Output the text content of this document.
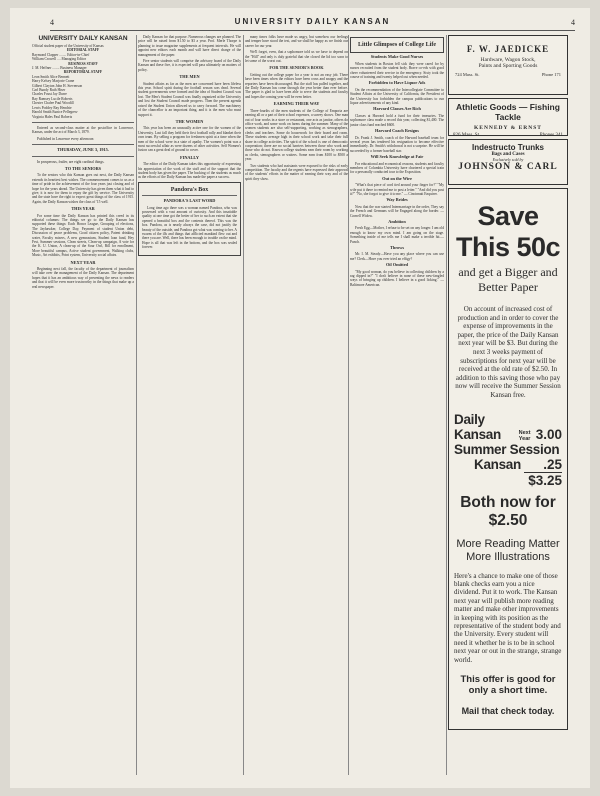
4	UNIVERSITY DAILY KANSAN	4
UNIVERSITY DAILY KANSAN
Official student paper of the University of Kansas
EDITORIAL STAFF
Raymond Clapper ........ Editor-in-Chief
William Crowell .... Managing Editor
BUSINESS STAFF
J. M. Heffner ........ Business Manager
REPORTORIAL STAFF
Leon Smith Alice Bennett
Harry Kelsey Marjorie Crane
Gilbert Clayton John H. Stevenson
Carl Bundy Ruth Hiser
Charles Foust Jay Durre
Ray Ramsey Lucile Roberts
Chester Chafee Paul Woodill
Lewis Poddey Ray Hendrie
Harold Smith Eunice Pellegrew
Virginia Hales Paul Roberts

Entered as second-class matter at the postoffice in Lawrence, Kansas, under the act of March 3, 1879.

Published in Lawrence every afternoon

THURSDAY, JUNE 3, 1915.

In prosperous, frailer, are eight cardinal things.

TO THE SENIORS

To the seniors who this Kansan goes out next, the Daily Kansan extends its heartiest best wishes. The commencement comes to us as a time of pride in the achievement of the four years just closing and of hope for the years ahead. The University has given them what it had to give; it is now for them to repay the gift by service. The University and the state have the right to expect great things of the class of 1915. Again, the Daily Kansan wishes the class of '15 well.

THIS YEAR

For some time the Daily Kansan has printed this creed in its editorial columns: The things we go to the Daily Kansan has supported these things: Each Honor League, Grouping of elections, The Jayhawker, College Day, Payment of student Union debt, Discussion of peace problems, Good citizen policy, Patent drinking water, Faculty mixers, A new gymnasium, Student loan fund, Hey Fest, Summer sessions, Clean streets, Clean-up campaign, A vote for the K. U. Union, A clean-up of the Sour Owl, Bill for enrollment, More beautiful campus, Active student government, Walking clubs, Music, Art exhibits, Point system, University social affairs.

NEXT YEAR

Beginning next fall, the faculty of the department of journalism will take over the management of the Daily Kansan. The department hopes that it has an ambitious way of presenting the news to readers and that it will be even more trustworthy in the things that make up a real newspaper.

Daily Kansan for that purpose. Numerous changes are planned. The price will be raised from $1.50 to $3 a year. Prof. Merle Thorpe is planning to issue magazine supplements at frequent intervals. He will appoint new editors each month and will have direct charge of the management of the paper.

Five senior students will comprise the advisory board of the Daily Kansan and these five, it is expected will pass ultimately on matters of policy.

THE MEN

Student affairs as far as the men are concerned have been lifeless this year. School spirit during the football season was dead. Several student governments were formed and the idea of Student Council was lost. The Men's Student Council was finally organized at the University and lost the Student Council made progress. Then the present agenda raised the Student Union allowed us to carry forward. The machinery of the chancellor is an important thing, and it is the men who must support it.

THE WOMEN

This year has been an unusually active one for the women of the University. Last fall they held their first football rally and blanket their own team. By selling a program for freshmen spirit at a time when the men of the school were in a state of apathy. The women's point was a most successful affair as were dozens of other activities. Self Women's fusion can a great deal of ground to cover.

FINALLY

The editor of the Daily Kansan takes this opportunity of expressing his appreciation of the work of the staff and of the support that the student body has given the paper. The backing of the students as much as the efforts of the Daily Kansan has made the paper a success.

Pandora's Box
PANDORA'S LAST WORD

Long time ago there was a woman named Pandora, who was possessed with a vast amount of curiosity. And this insatiable quality at one time got the better of her to such an extent that she opened a beautiful box and the contents thereof. This was the box. Pandora, as is nearly always the case, did not justify the beauty of the outside, and Pandora got what was coming to her. A swarm of the ills and things that afflicted mankind flew out and there you are. Well, there has been enough to trouble on the mind. Hope is all that was left in the bottom, and the box was sealed forever.

many times folks have made us angry, but somehow our feelings and temper have stood the test, and we shall be happy as we finish our career for our year.

We'll forget, even, that a sophomore told us we have to depend on the "Hill" and only is duly grateful that she closed the lid too soon to let some of the worst out.

FOR THE SENIOR'S BOOK

Getting out the college paper for a year is not an easy job. There have been times when the editors have been cross and snappy and the reporters have been discouraged. But the staff has pulled together, and the Daily Kansan has come through the year better than ever before. The paper is glad to have been able to serve the students and faculty and hopes the coming year will be even better.

EARNING THEIR WAY

Three-fourths of the men students of the College of Emporia are earning all or a part of their school expenses, a survey shows. One man out of four works in a store or restaurant, one acts as janitor, others do office work, and some work on farms during the summer. Many of the women students are also self-supporting, working as stenographers, clerks and teachers. Some do housework for their board and room. These students average high in their school work and take their full share in college activities. The spirit of the school is one of democratic cooperation; there are no social barriers between those who work and those who do not. Known college students earn their room by working as clerks, stenographers or waiters. Some earn from $100 to $500 a year.

Two students who had assistants were exposed to the risks of early competition. The faculty and the regents have expressed their approval of the students' efforts in the matter of earning their way and of the spirit they show.

Little Glimpses of College Life
Students Make Good Nurses

When students in Boston fell sick they were cared for by nurses recruited from the student body. Brave co-eds with good cheer volunteered their service in the emergency. Sixty took the course of training and twenty helped out when needed.

Forbidden to Have Liquor Ads

On the recommendation of the Intercollegiate Committee to Student Affairs at the University of California, the President of the University has forbidden the campus publications to run liquor advertisements of any kind.

Harvard Classes Are Rich

Classes at Harvard hold a fund for their treasuries. The sophomore class made a record this year, collecting $1,400. The junior class fund reached $600.

Harvard Coach Resigns

Dr. Frank J. Smith, coach of the Harvard baseball team for several years has tendered his resignation to become effective immediately. Dr. Smith's withdrawal is not a surprise. He will be succeeded by a former baseball star.

Will Seek Knowledge at Fair

For educational and economical reasons, students and faculty members of Columbia University have chartered a special train for a personally conducted tour to the Exposition.

Out on the Wire

"What's that piece of cord tied around your finger for?" "My wife put it there to remind me to post a letter." "And did you post it?" "No, she forgot to give it to me." — Cincinnati Enquirer.

Way Brides

Now that the war started Intermarriage in the order, They say the French and Germans will be Engaged along the border. —Cornell Widow.

Ambition

Fresh Egg—Mother, I refuse to be set on any longer. I am old enough to know my own mind. I am going on the stage. Something inside of me tells me I shall make a terrible hit.—Punch.

Throws

Mr. I. M. Steady—Have you any place where you can use me? Clerk—Have you ever tried an effigy?

Oil Omitted

"My good woman, do you believe in collecting children by a rag dipped in?" "I don't believe in none of these new-fangled ways of bringing up children. I believe in a good licking." —Baltimore American.

F. W. JAEDICKE
Hardware, Wagon Stock,
Paints and Sporting Goods
724 Mass. St.	Phone 171
Athletic Goods — Fishing Tackle
KENNEDY & ERNST
826 Mass. St.	Phones 341
Indestructo Trunks
Bags and Cases
Exclusively sold by
JOHNSON & CARL
Save This 50c
and get a Bigger and Better Paper
On account of increased cost of production and in order to cover the expense of improvements in the paper, the price of the Daily Kansan next year will be $3. But during the next 3 weeks payment of subscriptions for next year will be received at the old rate of $2.50. In addition to this saving those who pay now will receive the Summer Session Kansan free.
Daily Kansan	Next Year 3.00
Summer Session
Kansan .25
$3.25
Both now for $2.50
More Reading Matter More Illustrations
Here's a chance to make one of those blank checks earn you a nice dividend. Put it to work. The Kansan next year will publish more reading matter and make other improvements in keeping with its position as the representative of the student body and the University. Every student will need it whether he is to be in school next year or out in the strange, strange world.
This offer is good for only a short time.
Mail that check today.
